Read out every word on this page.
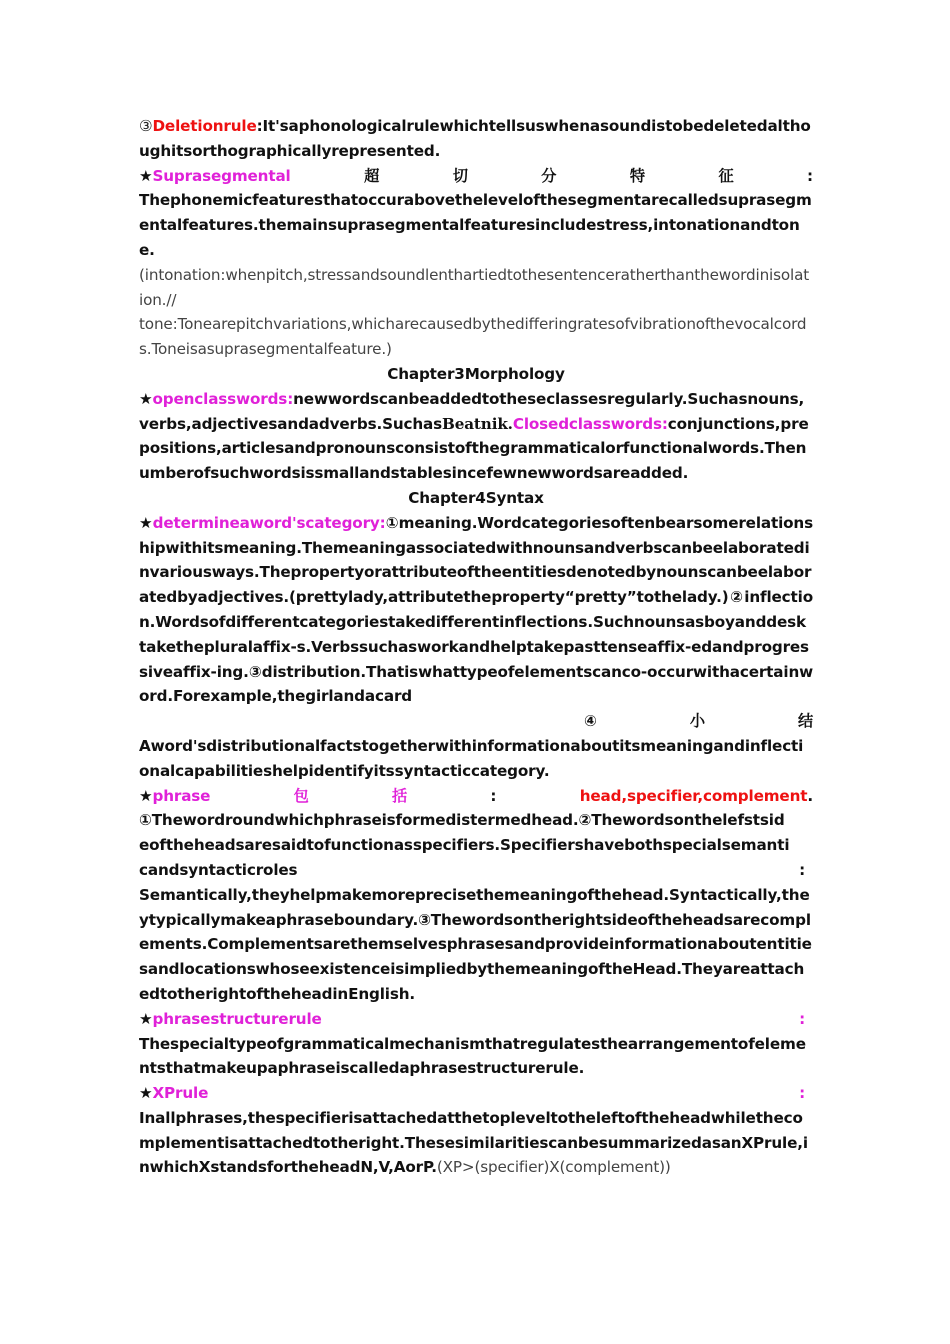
③Deletionrule:It'saphonologicalrulewhichtellsuswhenasoundistobedeletedalthoughitsorthographicallyrepresented.

★Suprasegmental	超	切	分	特	征	:

Thephonemicfeaturesthatoccurabovethelevelofthesegmentarecalledsuprasegmentalfeatures.themainsuprasegmentalfeaturesincludestress,intonationandtone.

(intonation:whenpitch,stressandsoundlenthartiedtothesentenceratherthanthewordinisolation.//

tone:Tonearepitchvariations,whicharecausedbythedifferingratesofvibrationofthevocalcords.Toneisasuprasegmentalfeature.)

Chapter3Morphology

★openclasswords:newwordscanbeaddedtotheseclassesregularly.Suchasnouns,verbs,adjectivesandadverbs.SuchasBeatnik.Closedclasswords:conjunctions,prepositions,articlesandpronounsconsistofthegrammaticalorfunctionalwords.Thenumberofsuchwordsissmallandstablesincefewnewwordsareadded.

Chapter4Syntax

★determineaword'scategory:①meaning.Wordcategoriesoftenbearsomerelationshipwithitsmeaning.Themeaningassociatedwithnounsandverbscanbeelaboratedinvariousways.Thepropertyorattributeoftheentitiesdenotedbynounscanbeelaboratedbyadjectives.(prettylady,attributetheproperty“pretty”tothelady.)②inflection.Wordsofdifferentcategoriestakedifferentinflections.Suchnounsasboyanddesktakethepluralaffix-s.Verbssuchasworkandhelptakepasttenseaffix-edandprogressiveaffix-ing.③distribution.Thatiswhattypeofelementscanco-occurwithacertainword.Forexample,thegirlandacard

④	小	结

Aword'sdistributionalfactstogetherwithinformationaboutitsmeaningandinflectionalcapabilitieshelpidentifyitssyntacticcategory.

★phrase	包	括	:	head,specifier,complement.

①Thewordroundwhichphraseisformedistermedhead.②Thewordsonthelefstsideoftheheadsaresaidtofunctionasspecifiers.Specifiershavebothspecialsemanticandsyntacticroles	:

Semantically,theyhelpmakemoreprecisethemeaningofthehead.Syntactically,theytypicallymakeaphraseboundary.③Thewordsontherightsideoftheheadsarecomplements.ComplementsarethemselvesphrasesandprovideinformationaboutentitiesandlocationswhoseexistenceisimpliedbythemeaningoftheHead.TheyareattachedtotherightoftheheadinEnglish.

★phrasestructurerule	:

Thespecialtypeofgrammaticalmechanismthatregulatesthearrangementofelementsthatmakeupaphraseiscalledaphrasestructurerule.

★XPrule	:

Inallphrases,thespecifierisattachedatthetopleveltotheleftoftheheadwhilethecomplementisattachedtotheright.ThesesimilaritiescanbesummarizedasanXPrule,inwhichXstandsfortheheadN,V,AorP.(XP>(specifier)X(complement))
